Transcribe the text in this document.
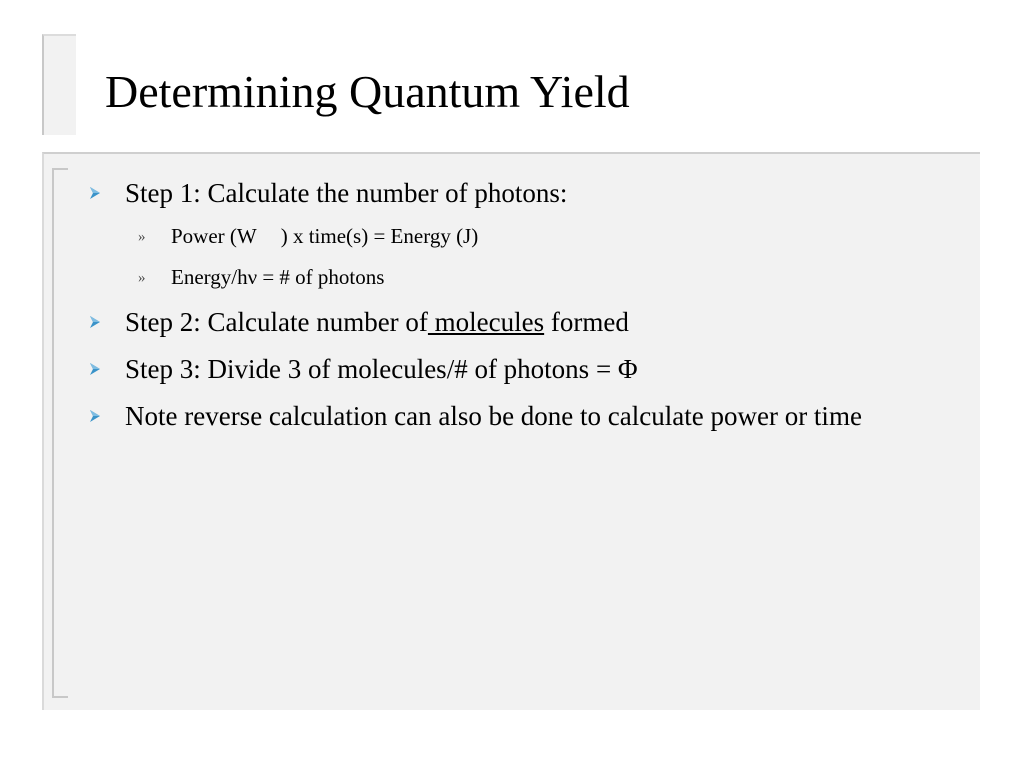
Determining Quantum Yield
Step 1: Calculate the number of photons:
» Power (W ) x time(s) = Energy (J)
» Energy/hν = # of photons
Step 2: Calculate number of molecules formed
Step 3: Divide 3 of molecules/# of photons = Φ
Note reverse calculation can also be done to calculate power or time
